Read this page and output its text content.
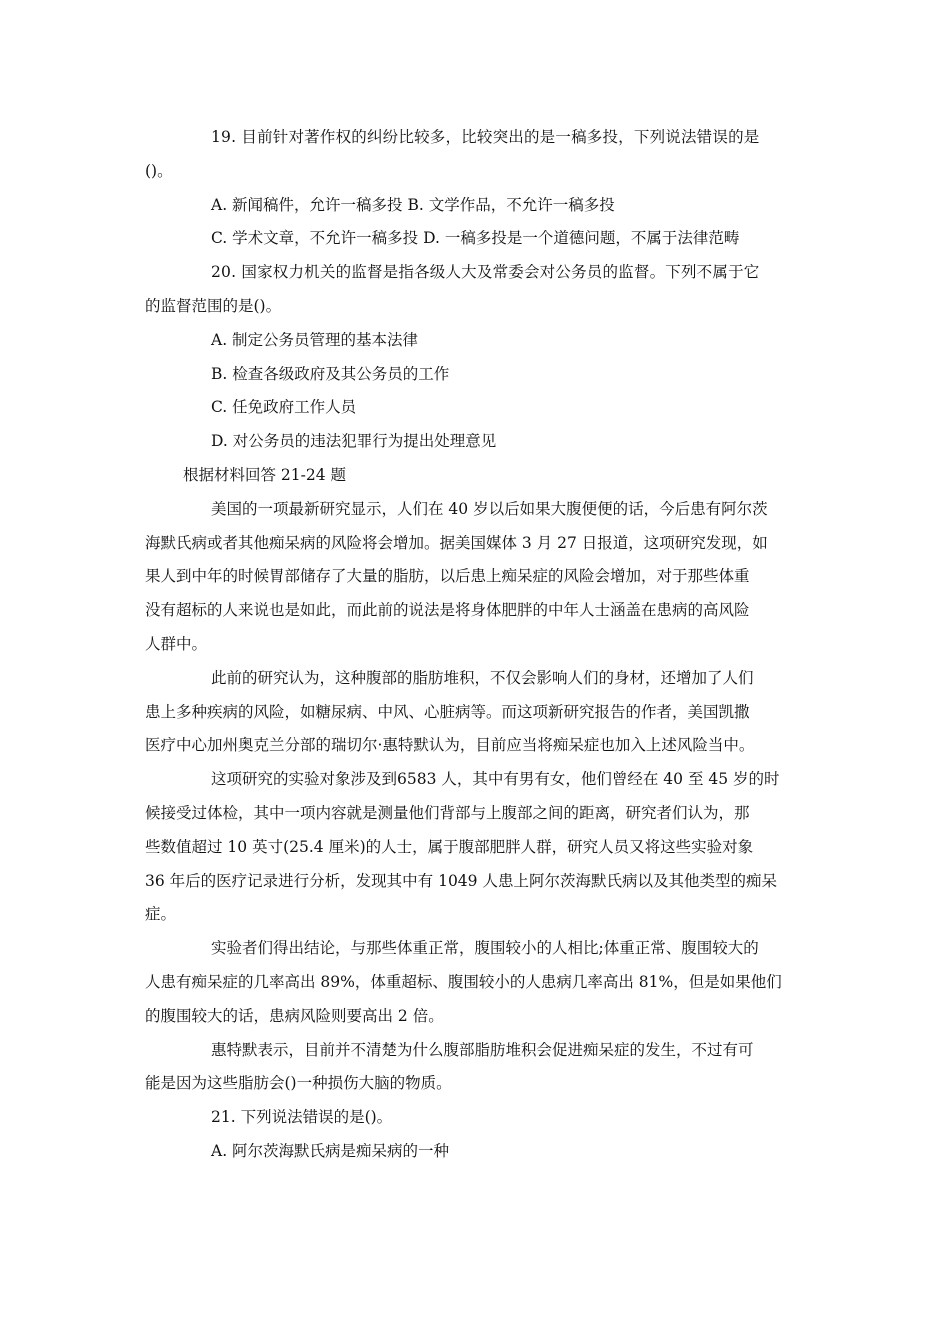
19. 目前针对著作权的纠纷比较多，比较突出的是一稿多投，下列说法错误的是
()。
A. 新闻稿件，允许一稿多投 B. 文学作品，不允许一稿多投
C. 学术文章，不允许一稿多投 D. 一稿多投是一个道德问题，不属于法律范畴
20. 国家权力机关的监督是指各级人大及常委会对公务员的监督。下列不属于它
的监督范围的是()。
A. 制定公务员管理的基本法律
B. 检查各级政府及其公务员的工作
C. 任免政府工作人员
D. 对公务员的违法犯罪行为提出处理意见
根据材料回答 21-24 题
美国的一项最新研究显示，人们在 40 岁以后如果大腹便便的话，今后患有阿尔茨
海默氏病或者其他痴呆病的风险将会增加。据美国媒体 3 月 27 日报道，这项研究发现，如
果人到中年的时候胃部储存了大量的脂肪，以后患上痴呆症的风险会增加，对于那些体重
没有超标的人来说也是如此，而此前的说法是将身体肥胖的中年人士涵盖在患病的高风险
人群中。
此前的研究认为，这种腹部的脂肪堆积，不仅会影响人们的身材，还增加了人们
患上多种疾病的风险，如糖尿病、中风、心脏病等。而这项新研究报告的作者，美国凯撒
医疗中心加州奥克兰分部的瑞切尔·惠特默认为，目前应当将痴呆症也加入上述风险当中。
这项研究的实验对象涉及到6583 人，其中有男有女，他们曾经在 40 至 45 岁的时
候接受过体检，其中一项内容就是测量他们背部与上腹部之间的距离，研究者们认为，那
些数值超过 10 英寸(25.4 厘米)的人士，属于腹部肥胖人群，研究人员又将这些实验对象
36 年后的医疗记录进行分析，发现其中有 1049 人患上阿尔茨海默氏病以及其他类型的痴呆
症。
实验者们得出结论，与那些体重正常，腹围较小的人相比;体重正常、腹围较大的
人患有痴呆症的几率高出 89%，体重超标、腹围较小的人患病几率高出 81%，但是如果他们
的腹围较大的话，患病风险则要高出 2 倍。
惠特默表示，目前并不清楚为什么腹部脂肪堆积会促进痴呆症的发生，不过有可
能是因为这些脂肪会()一种损伤大脑的物质。
21. 下列说法错误的是()。
A. 阿尔茨海默氏病是痴呆病的一种
